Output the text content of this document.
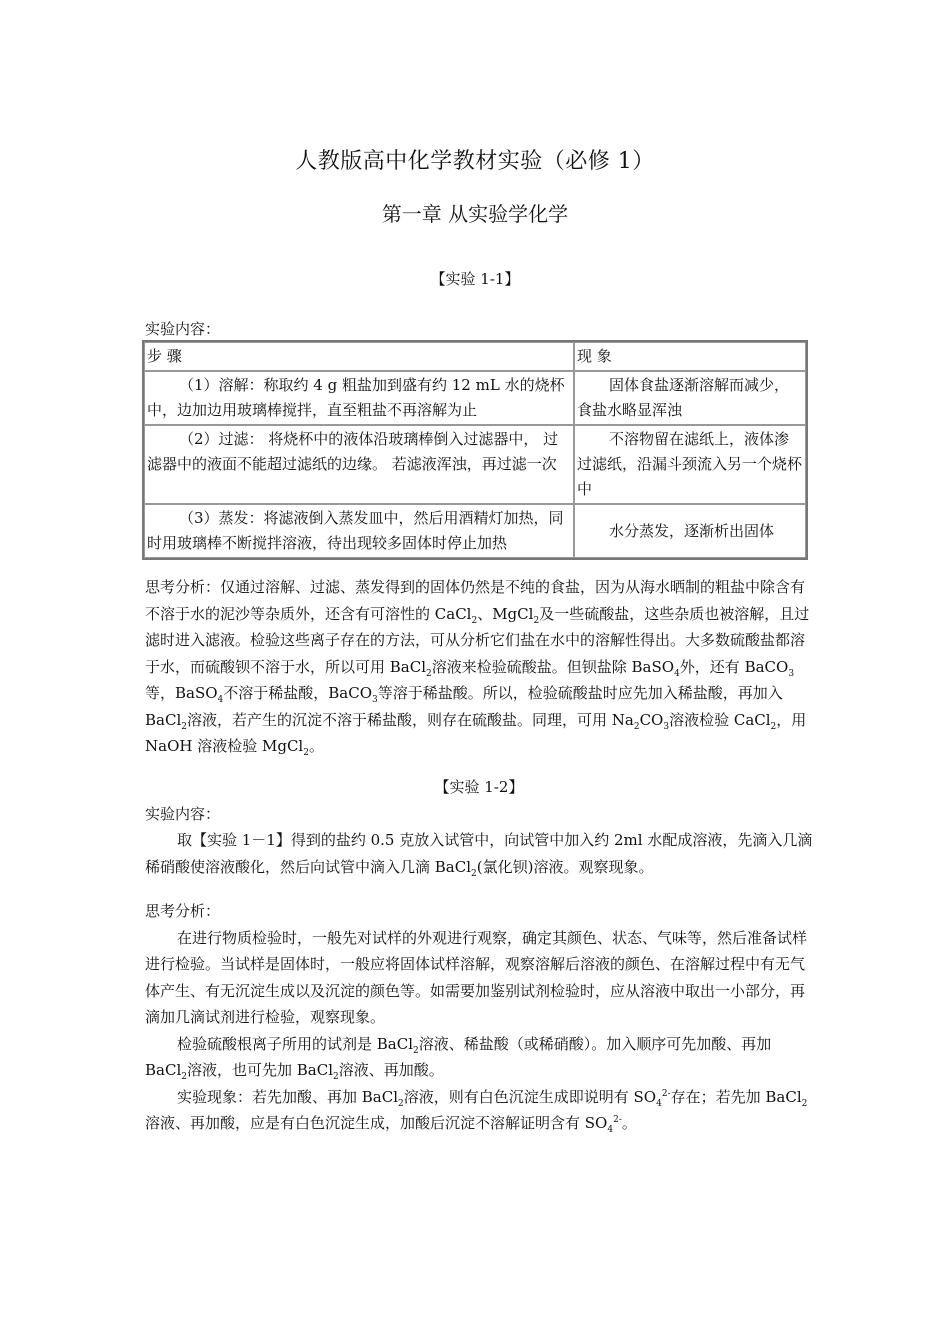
人教版高中化学教材实验（必修 1）
第一章 从实验学化学
【实验 1-1】
实验内容：
步 骤	现 象
（1）溶解：称取约 4 g 粗盐加到盛有约 12 mL 水的烧杯中，边加边用玻璃棒搅拌，直至粗盐不再溶解为止	固体食盐逐渐溶解而减少，食盐水略显浑浊
（2）过滤： 将烧杯中的液体沿玻璃棒倒入过滤器中， 过滤器中的液面不能超过滤纸的边缘。 若滤液浑浊，再过滤一次	不溶物留在滤纸上，液体渗过滤纸，沿漏斗颈流入另一个烧杯中
（3）蒸发：将滤液倒入蒸发皿中，然后用酒精灯加热，同时用玻璃棒不断搅拌溶液，待出现较多固体时停止加热	水分蒸发，逐渐析出固体

思考分析：仅通过溶解、过滤、蒸发得到的固体仍然是不纯的食盐，因为从海水晒制的粗盐中除含有不溶于水的泥沙等杂质外，还含有可溶性的 CaCl$_2$、MgCl$_2$及一些硫酸盐，这些杂质也被溶解，且过滤时进入滤液。检验这些离子存在的方法，可从分析它们盐在水中的溶解性得出。大多数硫酸盐都溶于水，而硫酸钡不溶于水，所以可用 BaCl$_2$溶液来检验硫酸盐。但钡盐除 BaSO$_4$外，还有 BaCO$_3$等，BaSO$_4$不溶于稀盐酸，BaCO$_3$等溶于稀盐酸。所以，检验硫酸盐时应先加入稀盐酸，再加入 BaCl$_2$溶液，若产生的沉淀不溶于稀盐酸，则存在硫酸盐。同理，可用 $Na_2CO_3$溶液检验 CaCl$_2$，用 NaOH 溶液检验 MgCl$_2$。

【实验 1-2】

实验内容：

取【实验 1－1】得到的盐约 0.5 克放入试管中，向试管中加入约 2ml 水配成溶液，先滴入几滴稀硝酸使溶液酸化，然后向试管中滴入几滴 BaCl$_2$(氯化钡)溶液。观察现象。

思考分析：

在进行物质检验时，一般先对试样的外观进行观察，确定其颜色、状态、气味等，然后准备试样进行检验。当试样是固体时，一般应将固体试样溶解，观察溶解后溶液的颜色、在溶解过程中有无气体产生、有无沉淀生成以及沉淀的颜色等。如需要加鉴别试剂检验时，应从溶液中取出一小部分，再滴加几滴试剂进行检验，观察现象。

检验硫酸根离子所用的试剂是 BaCl$_2$溶液、稀盐酸（或稀硝酸）。加入顺序可先加酸、再加 BaCl$_2$溶液，也可先加 BaCl$_2$溶液、再加酸。

实验现象：若先加酸、再加 BaCl$_2$溶液，则有白色沉淀生成即说明有 $SO_4^{2-}$存在；若先加 BaCl$_2$溶液、再加酸，应是有白色沉淀生成，加酸后沉淀不溶解证明含有 $SO_4^{2-}$。
